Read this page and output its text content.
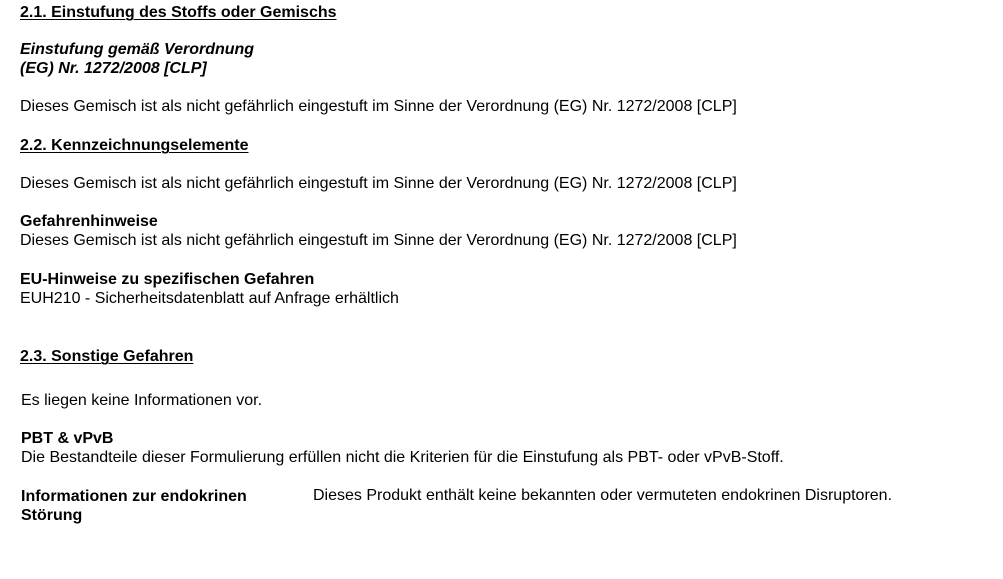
2.1. Einstufung des Stoffs oder Gemischs
Einstufung gemäß Verordnung
(EG) Nr. 1272/2008 [CLP]
Dieses Gemisch ist als nicht gefährlich eingestuft im Sinne der Verordnung (EG) Nr. 1272/2008 [CLP]
2.2. Kennzeichnungselemente
Dieses Gemisch ist als nicht gefährlich eingestuft im Sinne der Verordnung (EG) Nr. 1272/2008 [CLP]
Gefahrenhinweise
Dieses Gemisch ist als nicht gefährlich eingestuft im Sinne der Verordnung (EG) Nr. 1272/2008 [CLP]
EU-Hinweise zu spezifischen Gefahren
EUH210 - Sicherheitsdatenblatt auf Anfrage erhältlich
2.3. Sonstige Gefahren
Es liegen keine Informationen vor.
PBT & vPvB
Die Bestandteile dieser Formulierung erfüllen nicht die Kriterien für die Einstufung als PBT- oder vPvB-Stoff.
Informationen zur endokrinen
Störung
Dieses Produkt enthält keine bekannten oder vermuteten endokrinen Disruptoren.
